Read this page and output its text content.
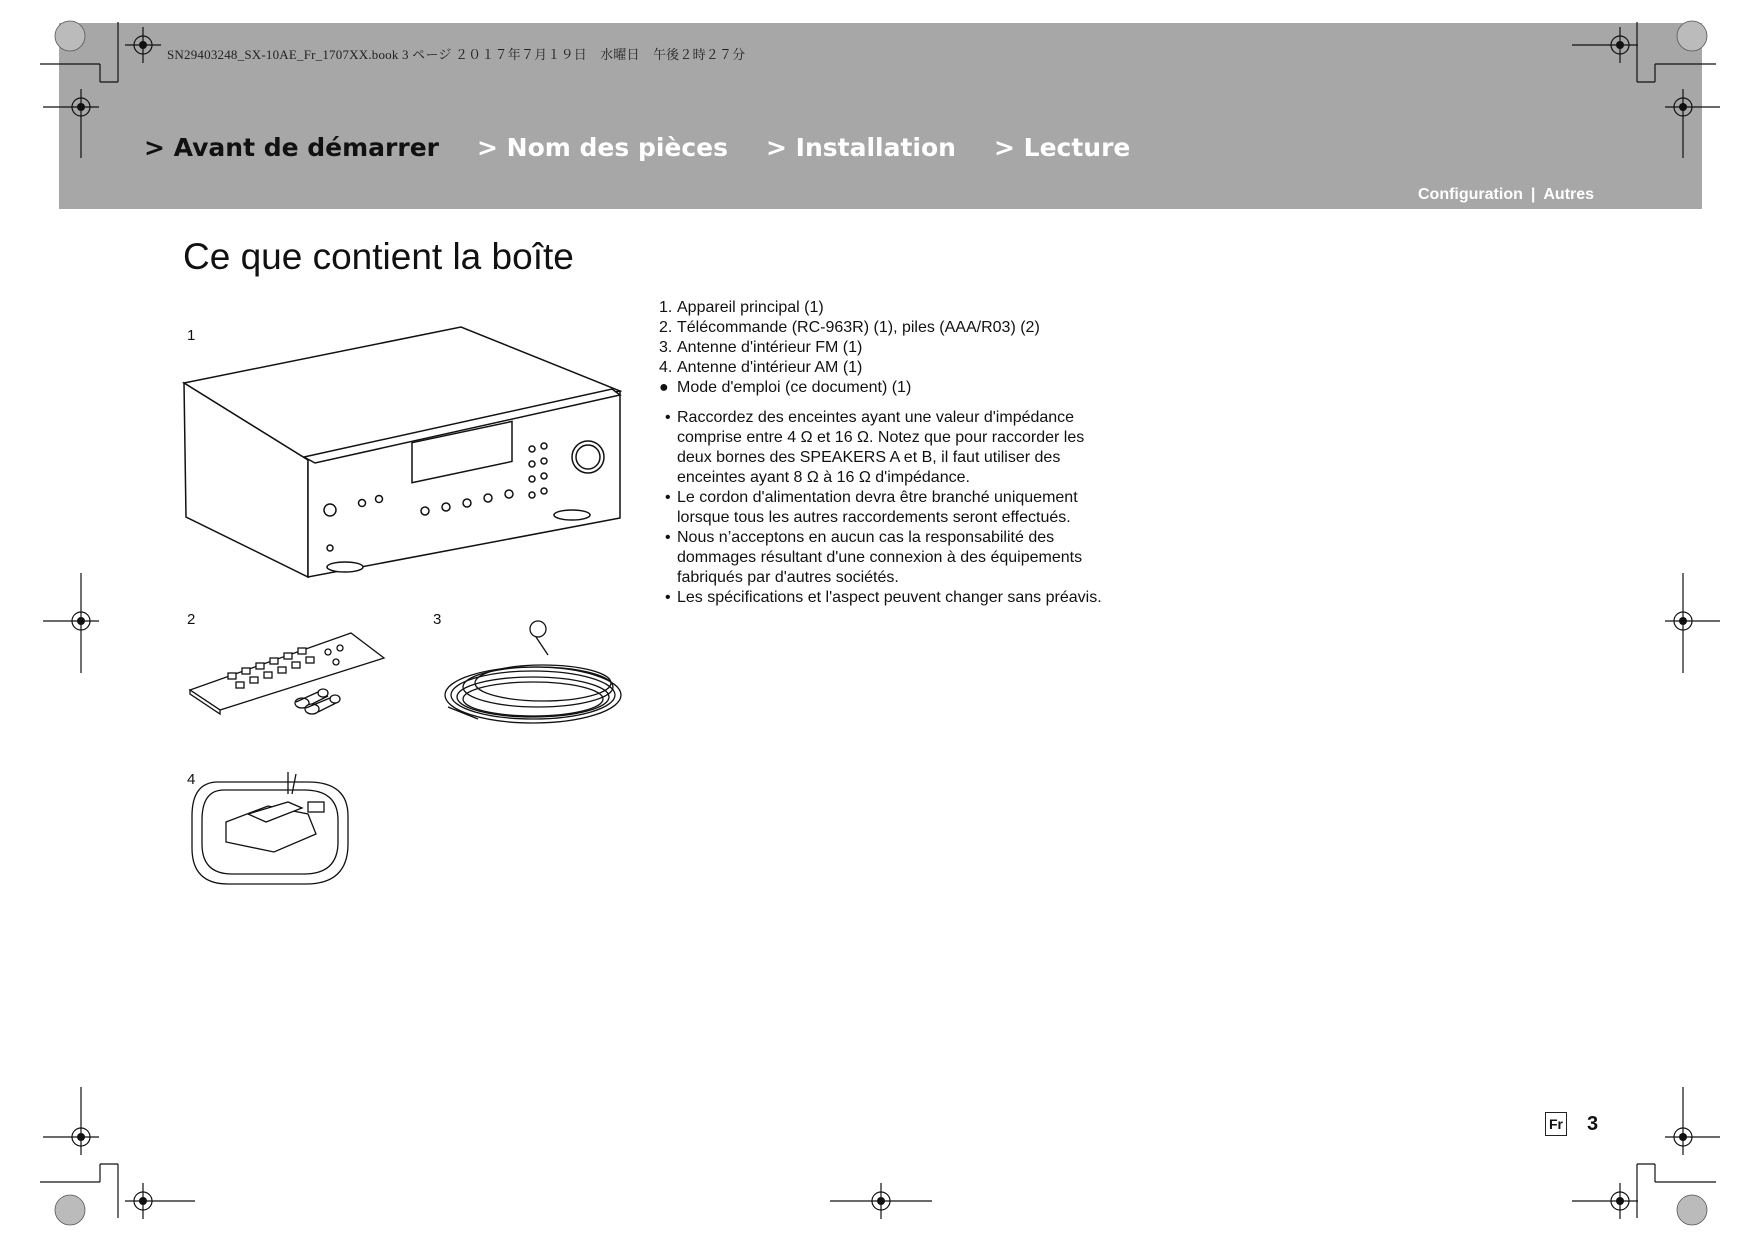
SN29403248_SX-10AE_Fr_1707XX.book 3 ページ ２０１７年７月１９日　水曜日　午後２時２７分
> Avant de démarrer > Nom des pièces > Installation > Lecture
Configuration | Autres
Ce que contient la boîte
1
2	3
4
1. Appareil principal (1)
2. Télécommande (RC-963R) (1), piles (AAA/R03) (2)
3. Antenne d'intérieur FM (1)
4. Antenne d'intérieur AM (1)
● Mode d'emploi (ce document) (1)
• Raccordez des enceintes ayant une valeur d'impédance comprise entre 4 Ω et 16 Ω. Notez que pour raccorder les deux bornes des SPEAKERS A et B, il faut utiliser des enceintes ayant 8 Ω à 16 Ω d'impédance.
• Le cordon d'alimentation devra être branché uniquement lorsque tous les autres raccordements seront effectués.
• Nous n’acceptons en aucun cas la responsabilité des dommages résultant d'une connexion à des équipements fabriqués par d'autres sociétés.
• Les spécifications et l'aspect peuvent changer sans préavis.
Fr 3
